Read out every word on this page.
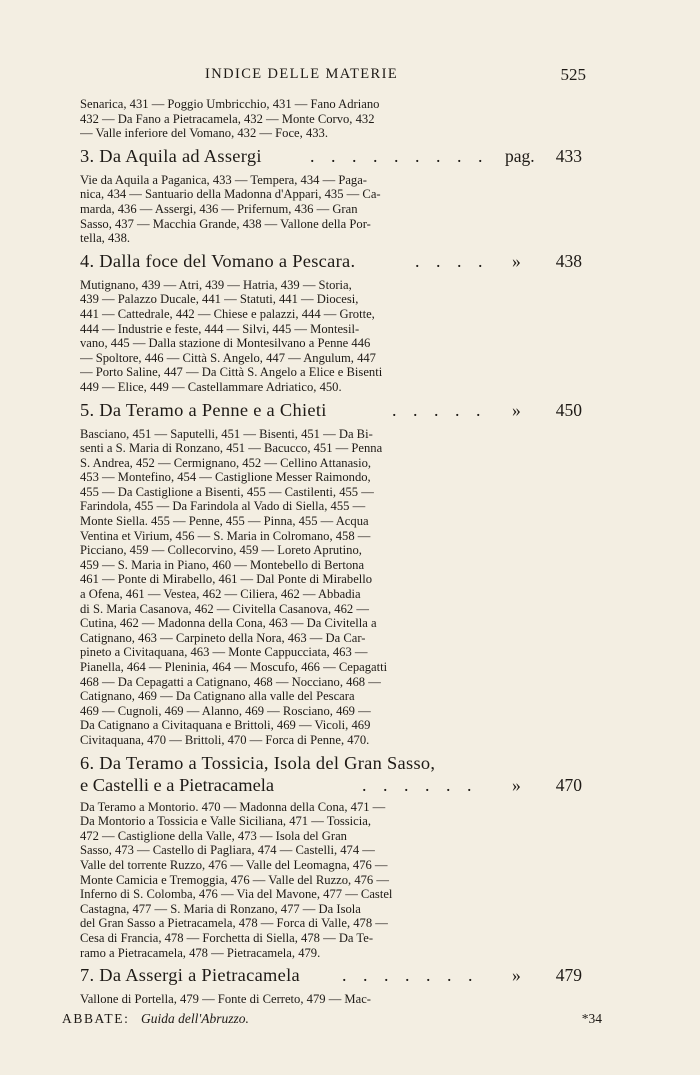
INDICE DELLE MATERIE	525
Senarica, 431 — Poggio Umbricchio, 431 — Fano Adriano
432 — Da Fano a Pietracamela, 432 — Monte Corvo, 432
— Valle inferiore del Vomano, 432 — Foce, 433.
3. Da Aquila ad Assergi	. . . . . . . . . pag. 433
Vie da Aquila a Paganica, 433 — Tempera, 434 — Paga-
nica, 434 — Santuario della Madonna d'Appari, 435 — Ca-
marda, 436 — Assergi, 436 — Prifernum, 436 — Gran
Sasso, 437 — Macchia Grande, 438 — Vallone della Por-
tella, 438.
4. Dalla foce del Vomano a Pescara.	. . . . » 438
Mutignano, 439 — Atri, 439 — Hatria, 439 — Storia,
439 — Palazzo Ducale, 441 — Statuti, 441 — Diocesi,
441 — Cattedrale, 442 — Chiese e palazzi, 444 — Grotte,
444 — Industrie e feste, 444 — Silvi, 445 — Montesil-
vano, 445 — Dalla stazione di Montesilvano a Penne 446
— Spoltore, 446 — Città S. Angelo, 447 — Angulum, 447
— Porto Saline, 447 — Da Città S. Angelo a Elice e Bisenti
449 — Elice, 449 — Castellammare Adriatico, 450.
5. Da Teramo a Penne e a Chieti	. . . . . » 450
Basciano, 451 — Saputelli, 451 — Bisenti, 451 — Da Bi-
senti a S. Maria di Ronzano, 451 — Bacucco, 451 — Penna
S. Andrea, 452 — Cermignano, 452 — Cellino Attanasio,
453 — Montefino, 454 — Castiglione Messer Raimondo,
455 — Da Castiglione a Bisenti, 455 — Castilenti, 455 —
Farindola, 455 — Da Farindola al Vado di Siella, 455 —
Monte Siella. 455 — Penne, 455 — Pinna, 455 — Acqua
Ventina et Virium, 456 — S. Maria in Colromano, 458 —
Picciano, 459 — Collecorvino, 459 — Loreto Aprutino,
459 — S. Maria in Piano, 460 — Montebello di Bertona
461 — Ponte di Mirabello, 461 — Dal Ponte di Mirabello
a Ofena, 461 — Vestea, 462 — Ciliera, 462 — Abbadia
di S. Maria Casanova, 462 — Civitella Casanova, 462 —
Cutina, 462 — Madonna della Cona, 463 — Da Civitella a
Catignano, 463 — Carpineto della Nora, 463 — Da Car-
pineto a Civitaquana, 463 — Monte Cappucciata, 463 —
Pianella, 464 — Pleninia, 464 — Moscufo, 466 — Cepagatti
468 — Da Cepagatti a Catignano, 468 — Nocciano, 468 —
Catignano, 469 — Da Catignano alla valle del Pescara
469 — Cugnoli, 469 — Alanno, 469 — Rosciano, 469 —
Da Catignano a Civitaquana e Brittoli, 469 — Vicoli, 469
Civitaquana, 470 — Brittoli, 470 — Forca di Penne, 470.
6. Da Teramo a Tossicia, Isola del Gran Sasso,
e Castelli e a Pietracamela	. . . . . . » 470
Da Teramo a Montorio. 470 — Madonna della Cona, 471 —
Da Montorio a Tossicia e Valle Siciliana, 471 — Tossicia,
472 — Castiglione della Valle, 473 — Isola del Gran
Sasso, 473 — Castello di Pagliara, 474 — Castelli, 474 —
Valle del torrente Ruzzo, 476 — Valle del Leomagna, 476 —
Monte Camicia e Tremoggia, 476 — Valle del Ruzzo, 476 —
Inferno di S. Colomba, 476 — Via del Mavone, 477 — Castel
Castagna, 477 — S. Maria di Ronzano, 477 — Da Isola
del Gran Sasso a Pietracamela, 478 — Forca di Valle, 478 —
Cesa di Francia, 478 — Forchetta di Siella, 478 — Da Te-
ramo a Pietracamela, 478 — Pietracamela, 479.
7. Da Assergi a Pietracamela . . . . . . . » 479
Vallone di Portella, 479 — Fonte di Cerreto, 479 — Mac-
ABBATE: Guida dell'Abruzzo.	*34
